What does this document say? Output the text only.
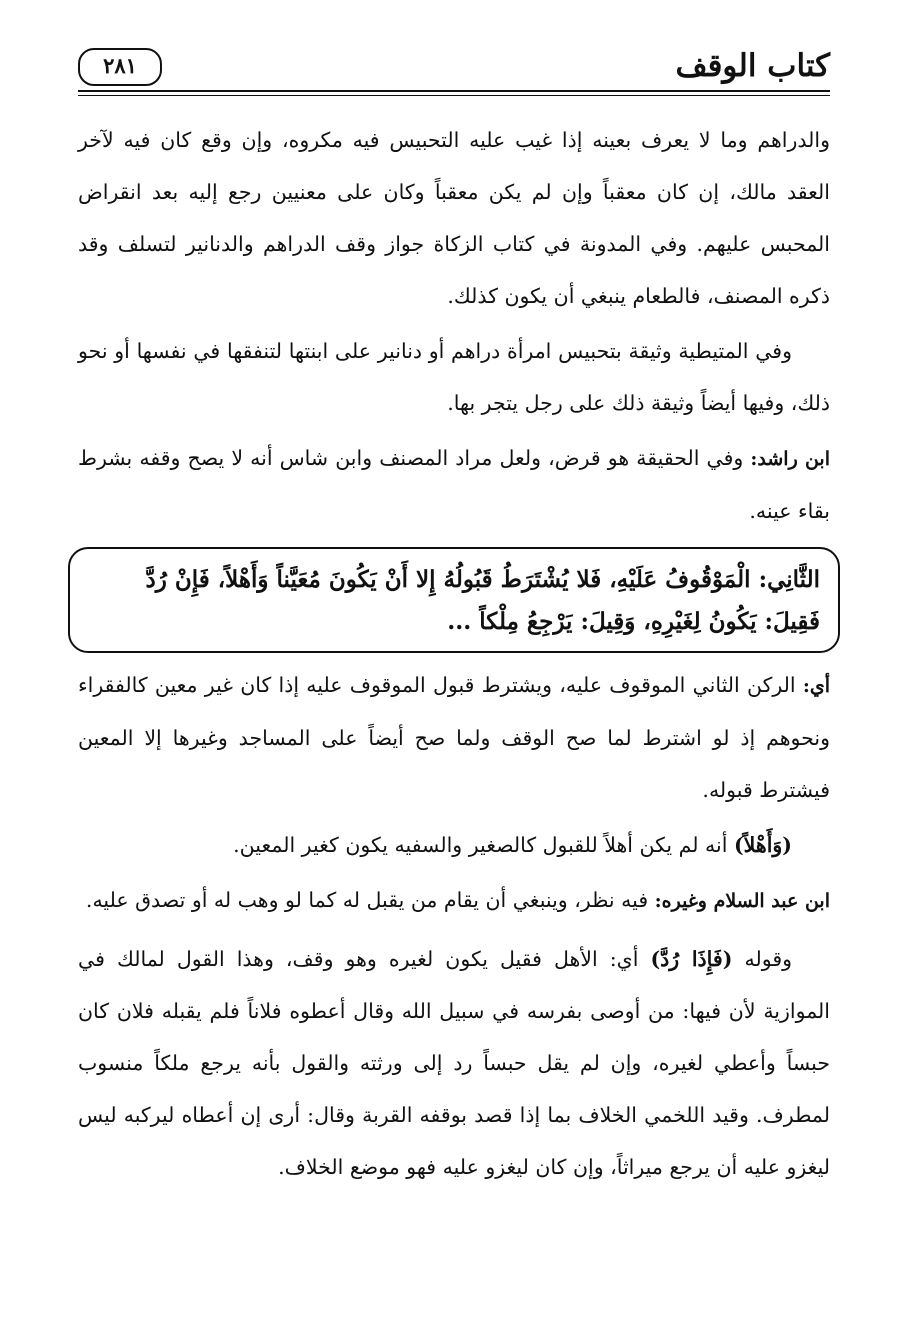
كتاب الوقف
٢٨١

والدراهم وما لا يعرف بعينه إذا غيب عليه التحبيس فيه مكروه، وإن وقع كان فيه لآخر العقد مالك، إن كان معقباً وإن لم يكن معقباً وكان على معنيين رجع إليه بعد انقراض المحبس عليهم. وفي المدونة في كتاب الزكاة جواز وقف الدراهم والدنانير لتسلف وقد ذكره المصنف، فالطعام ينبغي أن يكون كذلك.

وفي المتيطية وثيقة بتحبيس امرأة دراهم أو دنانير على ابنتها لتنفقها في نفسها أو نحو ذلك، وفيها أيضاً وثيقة ذلك على رجل يتجر بها.

ابن راشد: وفي الحقيقة هو قرض، ولعل مراد المصنف وابن شاس أنه لا يصح وقفه بشرط بقاء عينه.

الثَّانِي: الْمَوْقُوفُ عَلَيْهِ، فَلا يُشْتَرَطُ قَبُولُهُ إِلا أَنْ يَكُونَ مُعَيَّناً وَأَهْلاً، فَإِنْ رُدَّ

فَقِيلَ: يَكُونُ لِغَيْرِهِ، وَقِيلَ: يَرْجِعُ مِلْكاً ...

أي: الركن الثاني الموقوف عليه، ويشترط قبول الموقوف عليه إذا كان غير معين كالفقراء ونحوهم إذ لو اشترط لما صح الوقف ولما صح أيضاً على المساجد وغيرها إلا المعين فيشترط قبوله.

(وَأَهْلاً) أنه لم يكن أهلاً للقبول كالصغير والسفيه يكون كغير المعين.

ابن عبد السلام وغيره: فيه نظر، وينبغي أن يقام من يقبل له كما لو وهب له أو تصدق عليه.

وقوله (فَإِذَا رُدَّ) أي: الأهل فقيل يكون لغيره وهو وقف، وهذا القول لمالك في الموازية لأن فيها: من أوصى بفرسه في سبيل الله وقال أعطوه فلاناً فلم يقبله فلان كان حبساً وأعطي لغيره، وإن لم يقل حبساً رد إلى ورثته والقول بأنه يرجع ملكاً منسوب لمطرف. وقيد اللخمي الخلاف بما إذا قصد بوقفه القربة وقال: أرى إن أعطاه ليركبه ليس ليغزو عليه أن يرجع ميراثاً، وإن كان ليغزو عليه فهو موضع الخلاف.
